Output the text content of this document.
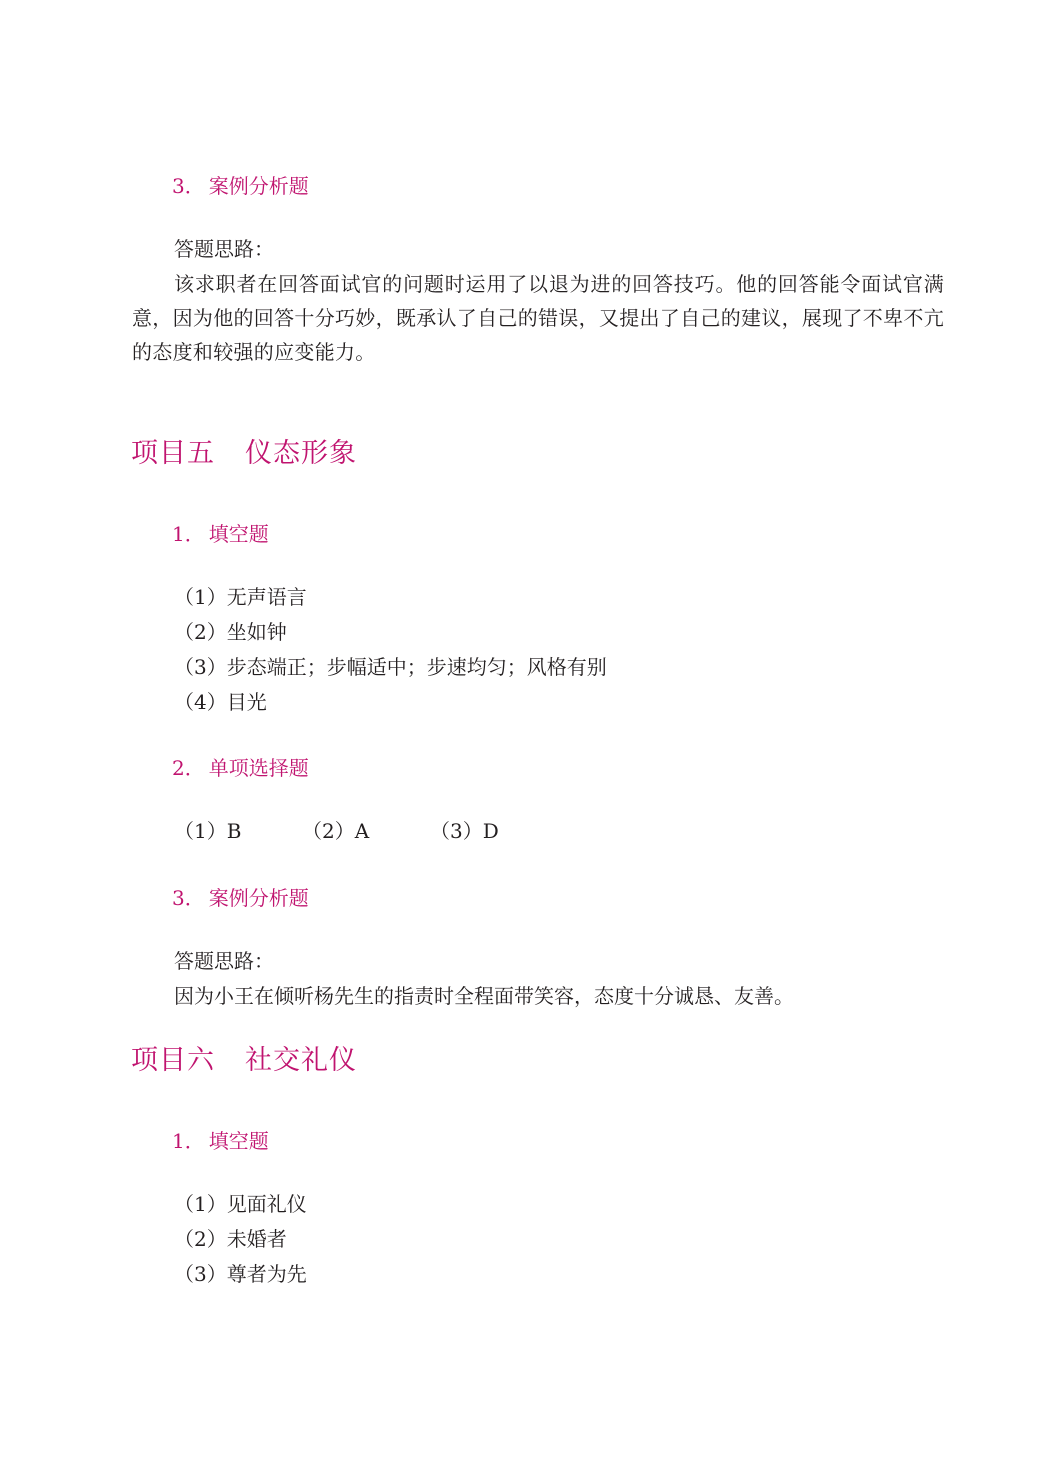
3． 案例分析题
答题思路：
该求职者在回答面试官的问题时运用了以退为进的回答技巧。他的回答能令面试官满意，因为他的回答十分巧妙，既承认了自己的错误，又提出了自己的建议，展现了不卑不亢的态度和较强的应变能力。
项目五 仪态形象
1． 填空题
（1）无声语言
（2）坐如钟
（3）步态端正；步幅适中；步速均匀；风格有别
（4）目光
2． 单项选择题
（1）B	（2）A	（3）D
3． 案例分析题
答题思路：
因为小王在倾听杨先生的指责时全程面带笑容，态度十分诚恳、友善。
项目六 社交礼仪
1． 填空题
（1）见面礼仪
（2）未婚者
（3）尊者为先
